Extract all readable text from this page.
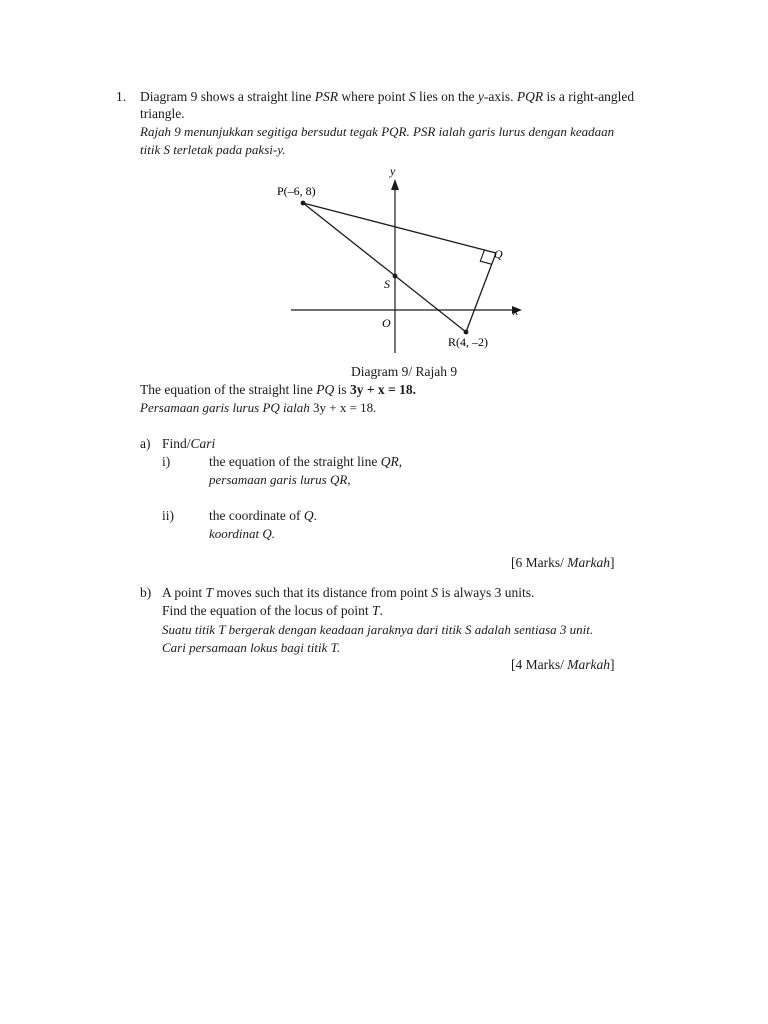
1. Diagram 9 shows a straight line PSR where point S lies on the y-axis. PQR is a right-angled
triangle.
Rajah 9 menunjukkan segitiga bersudut tegak PQR. PSR ialah garis lurus dengan keadaan
titik S terletak pada paksi-y.
y
x
O
P(–6, 8)
Q
R(4, –2)
S
Diagram 9/ Rajah 9
The equation of the straight line PQ is 3y + x = 18.
Persamaan garis lurus PQ ialah 3y + x = 18.
a) Find/Cari
i)	the equation of the straight line QR,
persamaan garis lurus QR,
ii)	the coordinate of Q.
koordinat Q.
[6 Marks/ Markah]
b) A point T moves such that its distance from point S is always 3 units.
Find the equation of the locus of point T.
Suatu titik T bergerak dengan keadaan jaraknya dari titik S adalah sentiasa 3 unit.
Cari persamaan lokus bagi titik T.
[4 Marks/ Markah]
